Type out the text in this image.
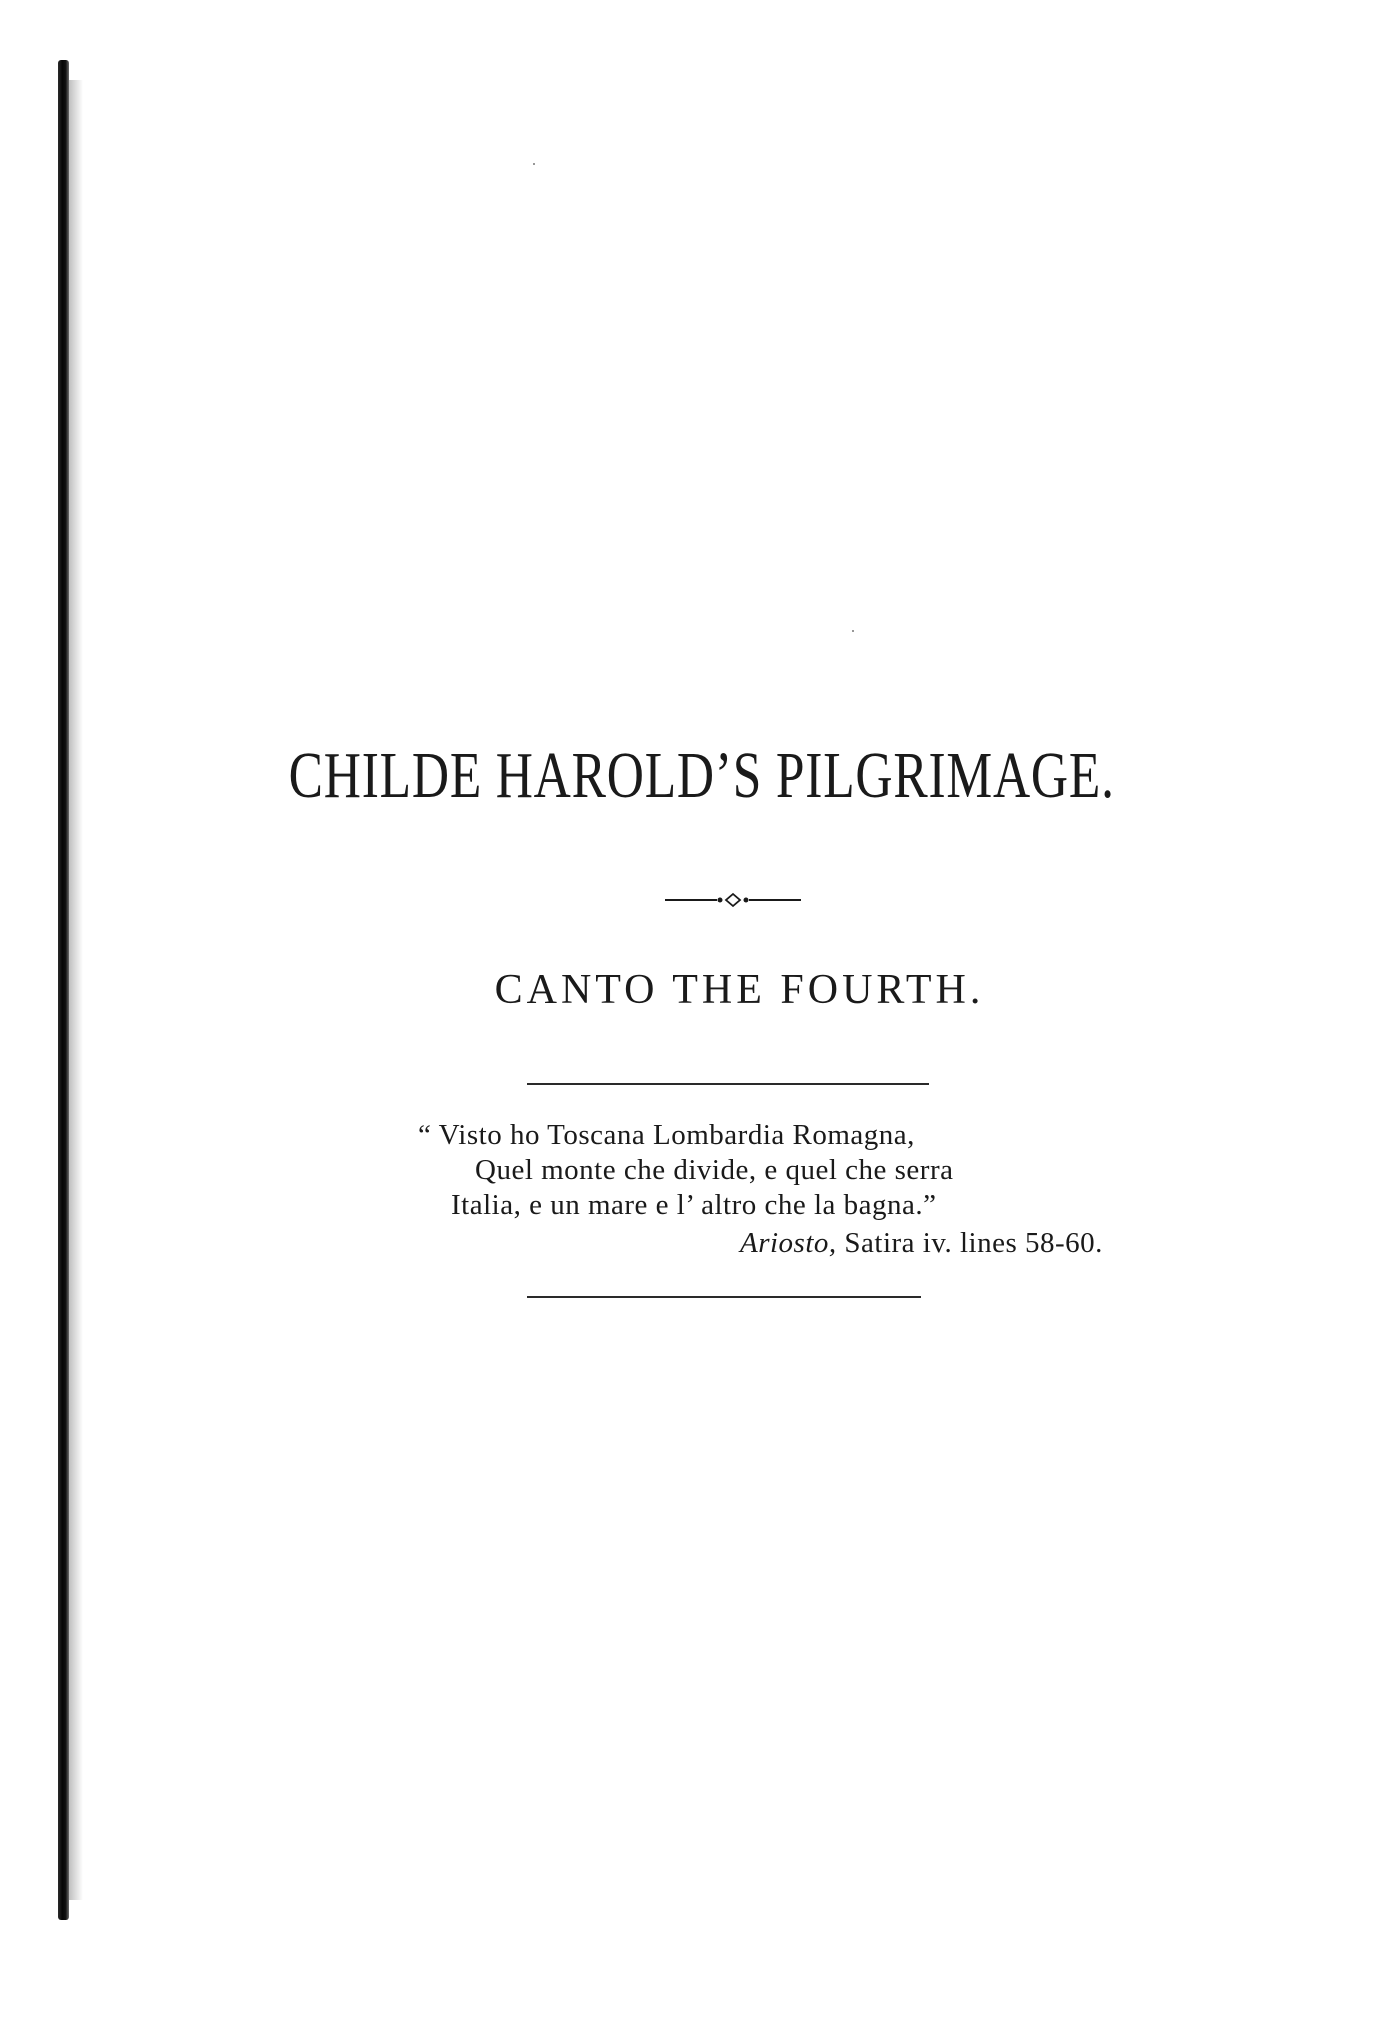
CHILDE HAROLD’S PILGRIMAGE.
CANTO THE FOURTH.
“ Visto ho Toscana Lombardia Romagna,
Quel monte che divide, e quel che serra
Italia, e un mare e l’ altro che la bagna.”
Ariosto, Satira iv. lines 58-60.
